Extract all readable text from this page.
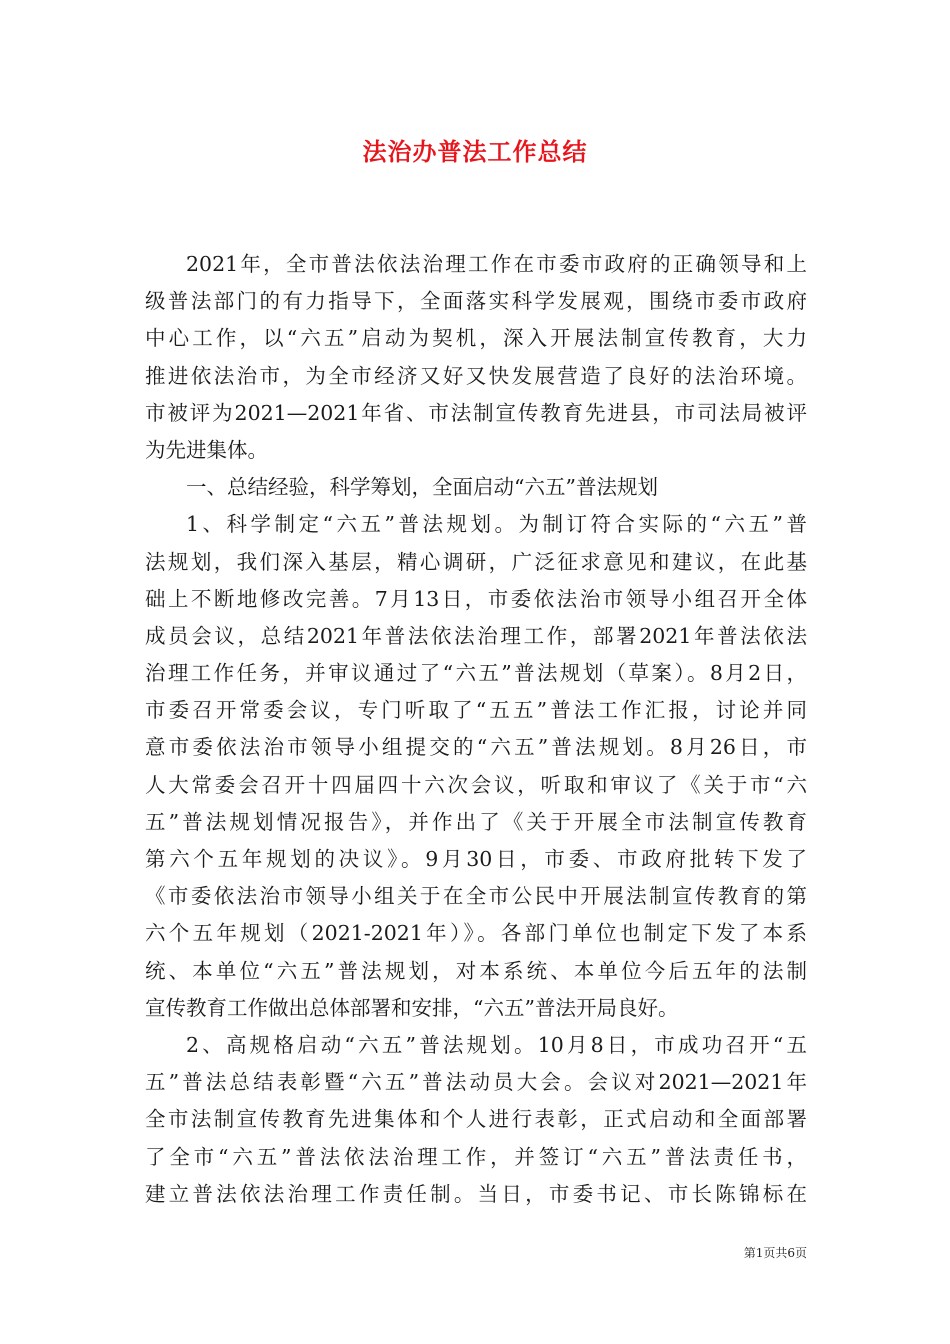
法治办普法工作总结
2021年，全市普法依法治理工作在市委市政府的正确领导和上
级普法部门的有力指导下，全面落实科学发展观，围绕市委市政府
中心工作，以“六五”启动为契机，深入开展法制宣传教育，大力
推进依法治市，为全市经济又好又快发展营造了良好的法治环境。
市被评为2021—2021年省、市法制宣传教育先进县，市司法局被评
为先进集体。
一、总结经验，科学筹划，全面启动“六五”普法规划
1、科学制定“六五”普法规划。为制订符合实际的“六五”普
法规划，我们深入基层，精心调研，广泛征求意见和建议，在此基
础上不断地修改完善。7月13日，市委依法治市领导小组召开全体
成员会议，总结2021年普法依法治理工作，部署2021年普法依法
治理工作任务，并审议通过了“六五”普法规划（草案）。8月2日，
市委召开常委会议，专门听取了“五五”普法工作汇报，讨论并同
意市委依法治市领导小组提交的“六五”普法规划。8月26日，市
人大常委会召开十四届四十六次会议，听取和审议了《关于市“六
五”普法规划情况报告》，并作出了《关于开展全市法制宣传教育
第六个五年规划的决议》。9月30日，市委、市政府批转下发了
《市委依法治市领导小组关于在全市公民中开展法制宣传教育的第
六个五年规划（2021-2021年）》。各部门单位也制定下发了本系
统、本单位“六五”普法规划，对本系统、本单位今后五年的法制
宣传教育工作做出总体部署和安排，“六五”普法开局良好。
2、高规格启动“六五”普法规划。10月8日，市成功召开“五
五”普法总结表彰暨“六五”普法动员大会。会议对2021—2021年
全市法制宣传教育先进集体和个人进行表彰，正式启动和全面部署
了全市“六五”普法依法治理工作，并签订“六五”普法责任书，
建立普法依法治理工作责任制。当日，市委书记、市长陈锦标在
第1页共6页
